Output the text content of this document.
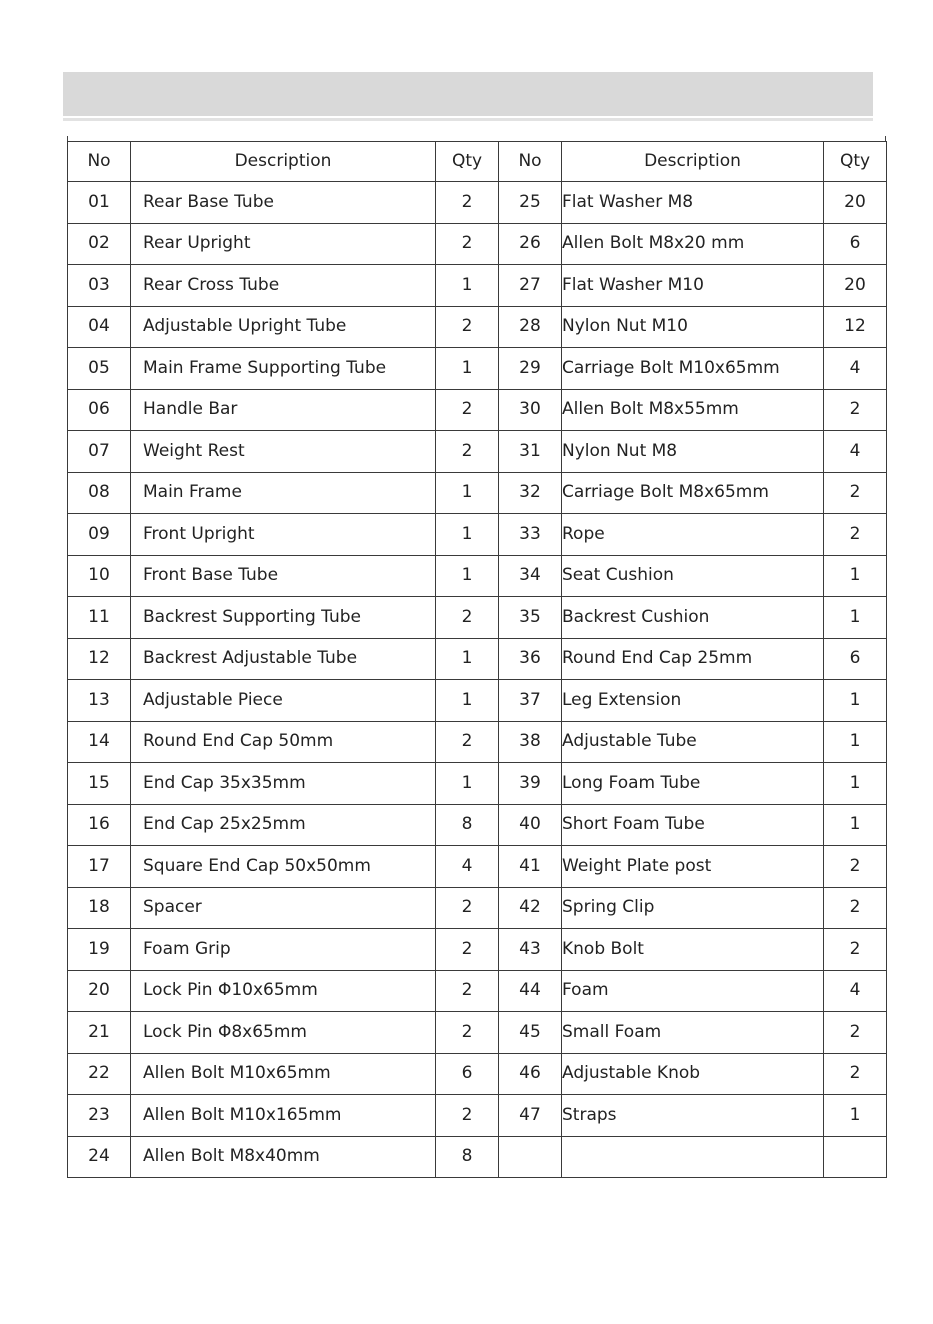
No	Description	Qty	No	Description	Qty
01	Rear Base Tube	2	25	Flat Washer M8	20
02	Rear Upright	2	26	Allen Bolt M8x20 mm	6
03	Rear Cross Tube	1	27	Flat Washer M10	20
04	Adjustable Upright Tube	2	28	Nylon Nut M10	12
05	Main Frame Supporting Tube	1	29	Carriage Bolt M10x65mm	4
06	Handle Bar	2	30	Allen Bolt M8x55mm	2
07	Weight Rest	2	31	Nylon Nut M8	4
08	Main Frame	1	32	Carriage Bolt M8x65mm	2
09	Front Upright	1	33	Rope	2
10	Front Base Tube	1	34	Seat Cushion	1
11	Backrest Supporting Tube	2	35	Backrest Cushion	1
12	Backrest Adjustable Tube	1	36	Round End Cap 25mm	6
13	Adjustable Piece	1	37	Leg Extension	1
14	Round End Cap 50mm	2	38	Adjustable Tube	1
15	End Cap 35x35mm	1	39	Long Foam Tube	1
16	End Cap 25x25mm	8	40	Short Foam Tube	1
17	Square End Cap 50x50mm	4	41	Weight Plate post	2
18	Spacer	2	42	Spring Clip	2
19	Foam Grip	2	43	Knob Bolt	2
20	Lock Pin Φ10x65mm	2	44	Foam	4
21	Lock Pin Φ8x65mm	2	45	Small Foam	2
22	Allen Bolt M10x65mm	6	46	Adjustable Knob	2
23	Allen Bolt M10x165mm	2	47	Straps	1
24	Allen Bolt M8x40mm	8			
